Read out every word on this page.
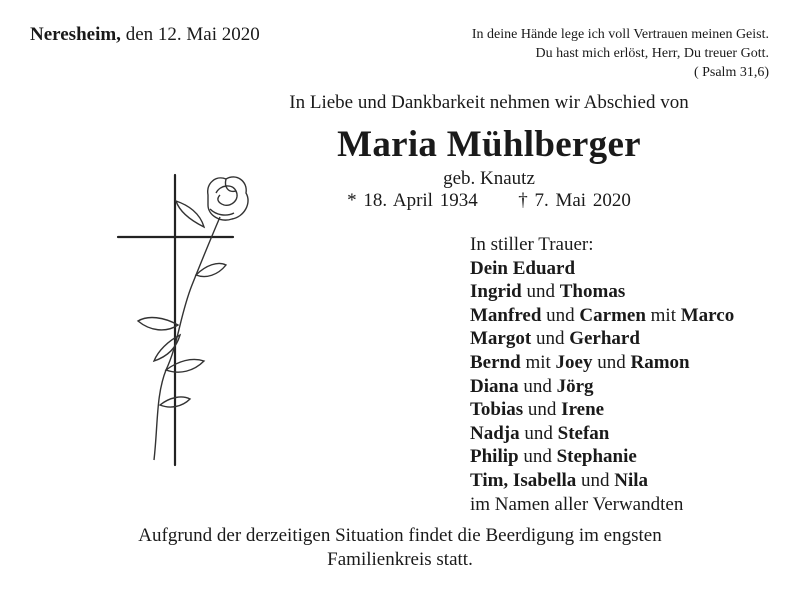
Neresheim, den 12. Mai 2020	In deine Hände lege ich voll Vertrauen meinen Geist.
Du hast mich erlöst, Herr, Du treuer Gott.
( Psalm 31,6)
In Liebe und Dankbarkeit nehmen wir Abschied von
Maria Mühlberger
geb. Knautz
* 18. April 1934 † 7. Mai 2020
In stiller Trauer:
Dein Eduard
Ingrid und Thomas
Manfred und Carmen mit Marco
Margot und Gerhard
Bernd mit Joey und Ramon
Diana und Jörg
Tobias und Irene
Nadja und Stefan
Philip und Stephanie
Tim, Isabella und Nila
im Namen aller Verwandten
Aufgrund der derzeitigen Situation findet die Beerdigung im engsten
Familienkreis statt.
